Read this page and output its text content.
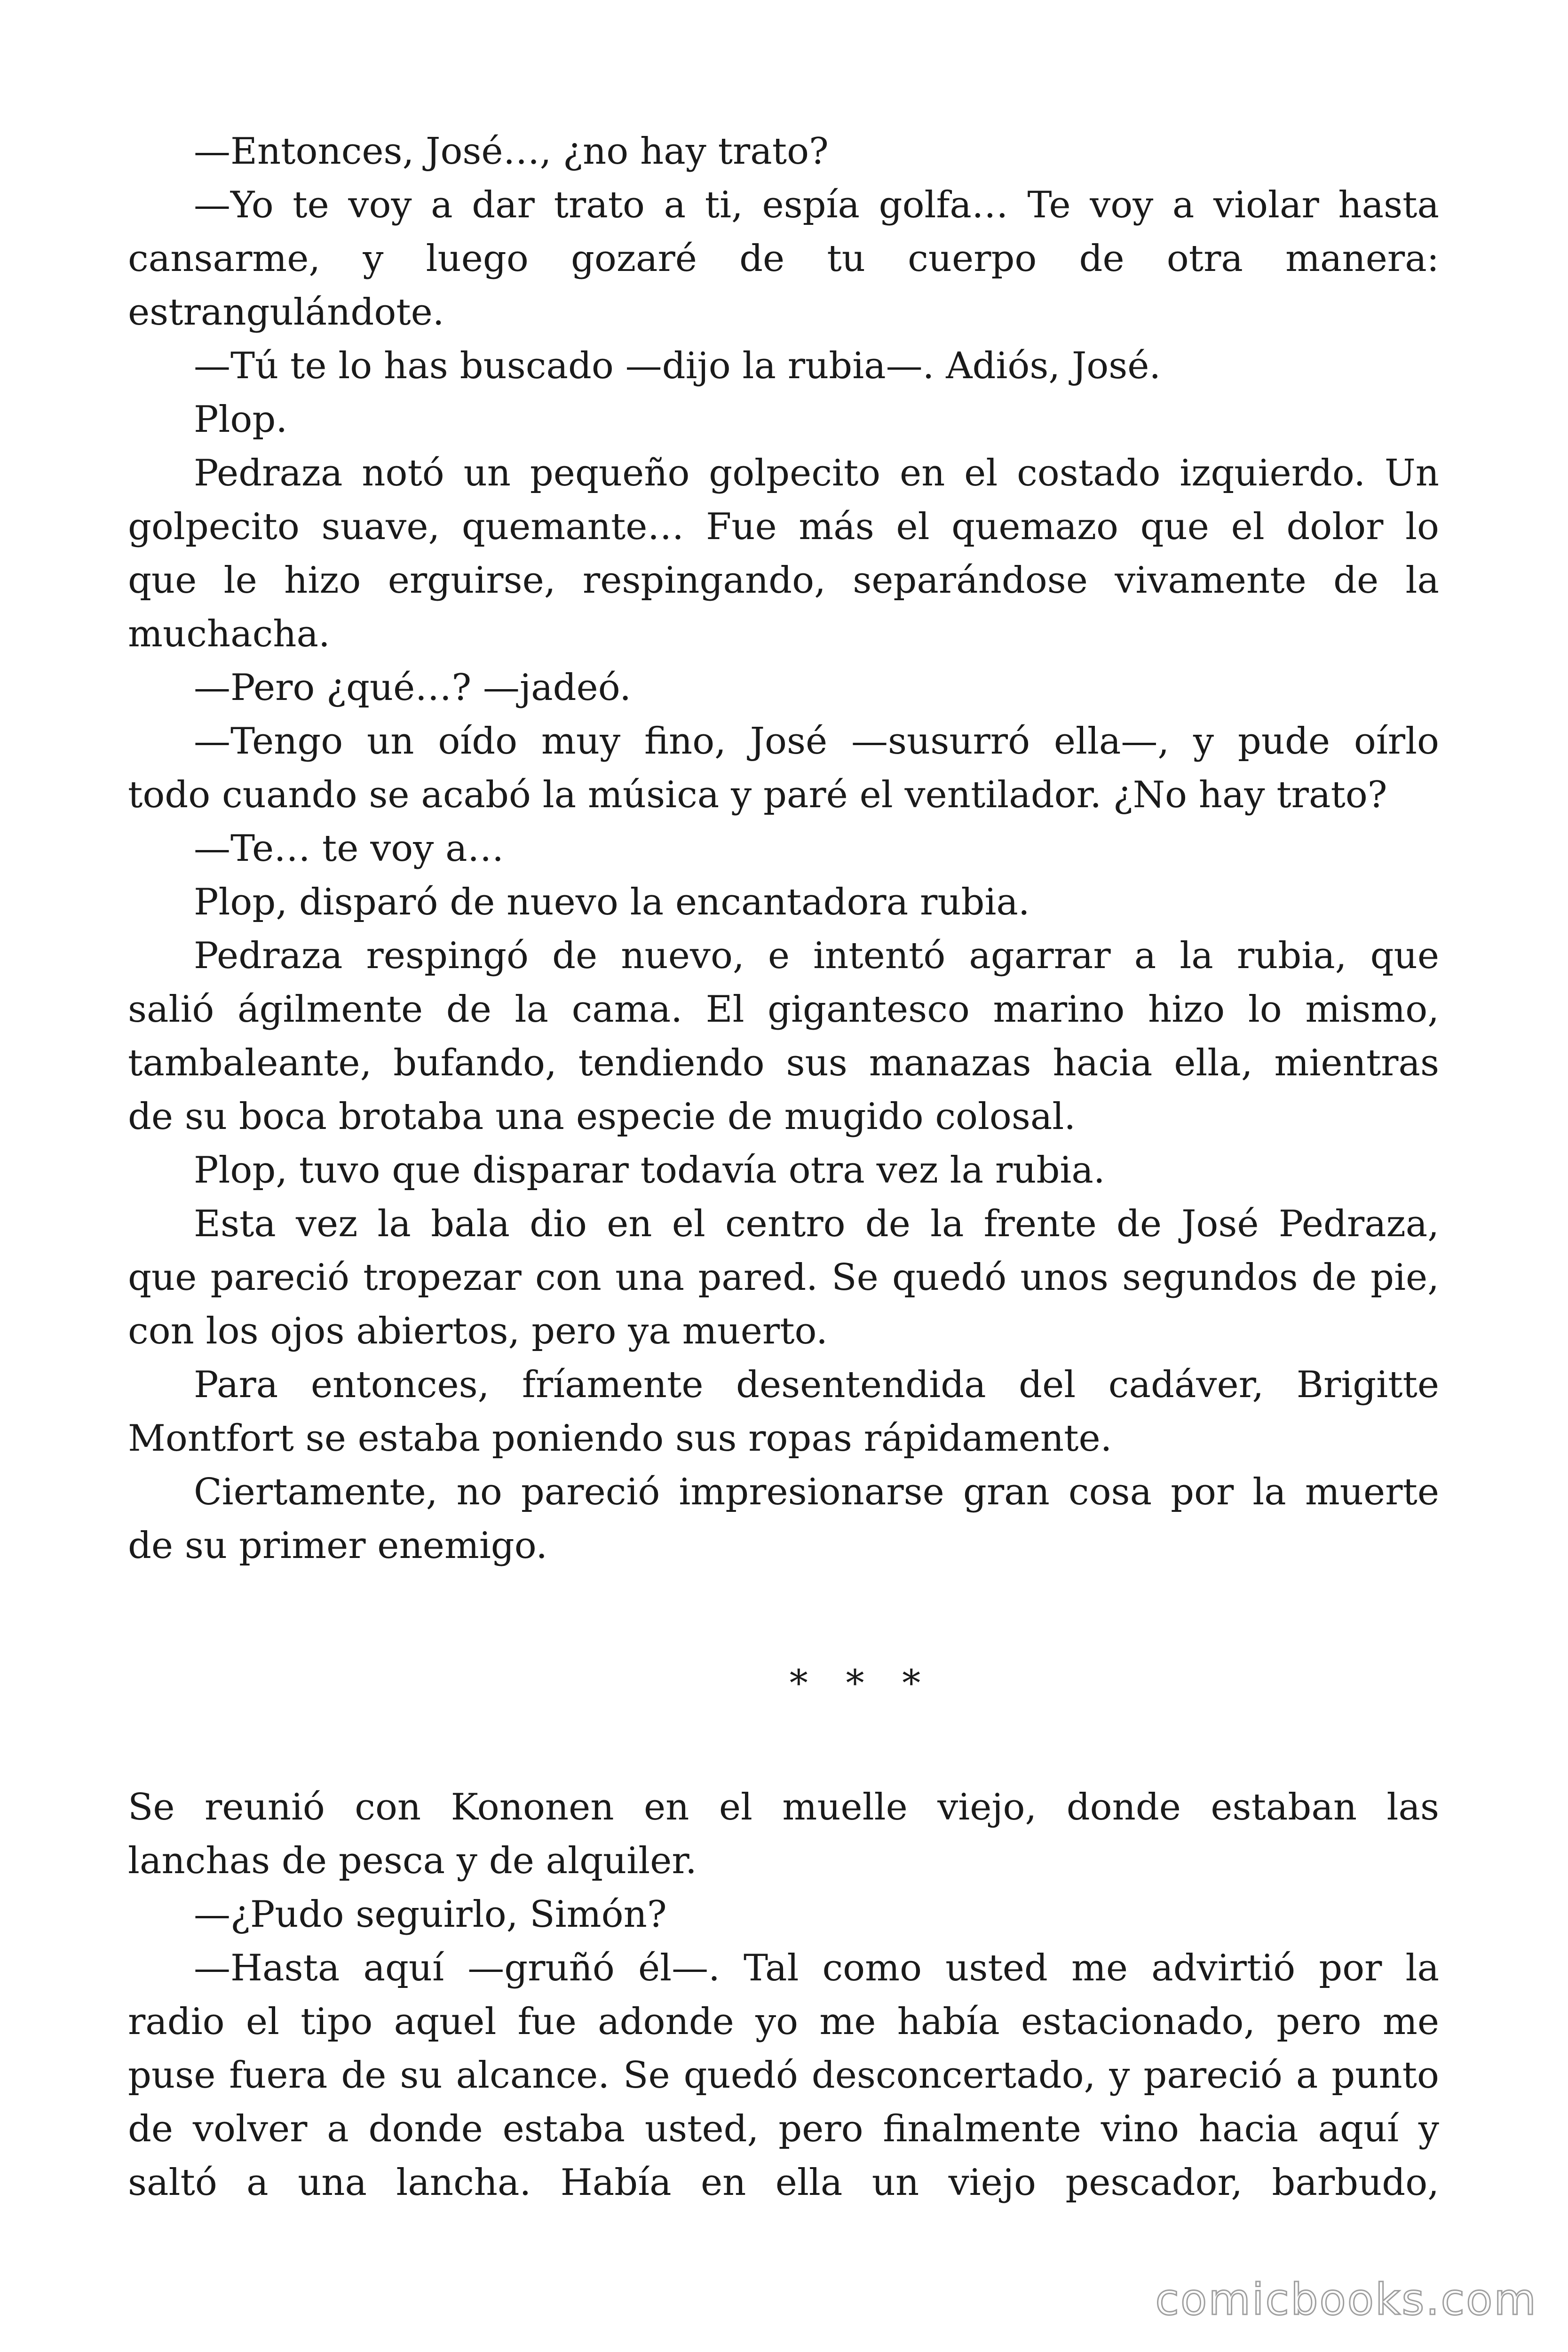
—Entonces, José…, ¿no hay trato?
—Yo te voy a dar trato a ti, espía golfa… Te voy a violar hasta
cansarme, y luego gozaré de tu cuerpo de otra manera:
estrangulándote.
—Tú te lo has buscado —dijo la rubia—. Adiós, José.
Plop.
Pedraza notó un pequeño golpecito en el costado izquierdo. Un
golpecito suave, quemante… Fue más el quemazo que el dolor lo
que le hizo erguirse, respingando, separándose vivamente de la
muchacha.
—Pero ¿qué…? —jadeó.
—Tengo un oído muy fino, José —susurró ella—, y pude oírlo
todo cuando se acabó la música y paré el ventilador. ¿No hay trato?
—Te… te voy a…
Plop, disparó de nuevo la encantadora rubia.
Pedraza respingó de nuevo, e intentó agarrar a la rubia, que
salió ágilmente de la cama. El gigantesco marino hizo lo mismo,
tambaleante, bufando, tendiendo sus manazas hacia ella, mientras
de su boca brotaba una especie de mugido colosal.
Plop, tuvo que disparar todavía otra vez la rubia.
Esta vez la bala dio en el centro de la frente de José Pedraza,
que pareció tropezar con una pared. Se quedó unos segundos de pie,
con los ojos abiertos, pero ya muerto.
Para entonces, fríamente desentendida del cadáver, Brigitte
Montfort se estaba poniendo sus ropas rápidamente.
Ciertamente, no pareció impresionarse gran cosa por la muerte
de su primer enemigo.
* * *
Se reunió con Kononen en el muelle viejo, donde estaban las
lanchas de pesca y de alquiler.
—¿Pudo seguirlo, Simón?
—Hasta aquí —gruñó él—. Tal como usted me advirtió por la
radio el tipo aquel fue adonde yo me había estacionado, pero me
puse fuera de su alcance. Se quedó desconcertado, y pareció a punto
de volver a donde estaba usted, pero finalmente vino hacia aquí y
saltó a una lancha. Había en ella un viejo pescador, barbudo,
comicbooks.com
